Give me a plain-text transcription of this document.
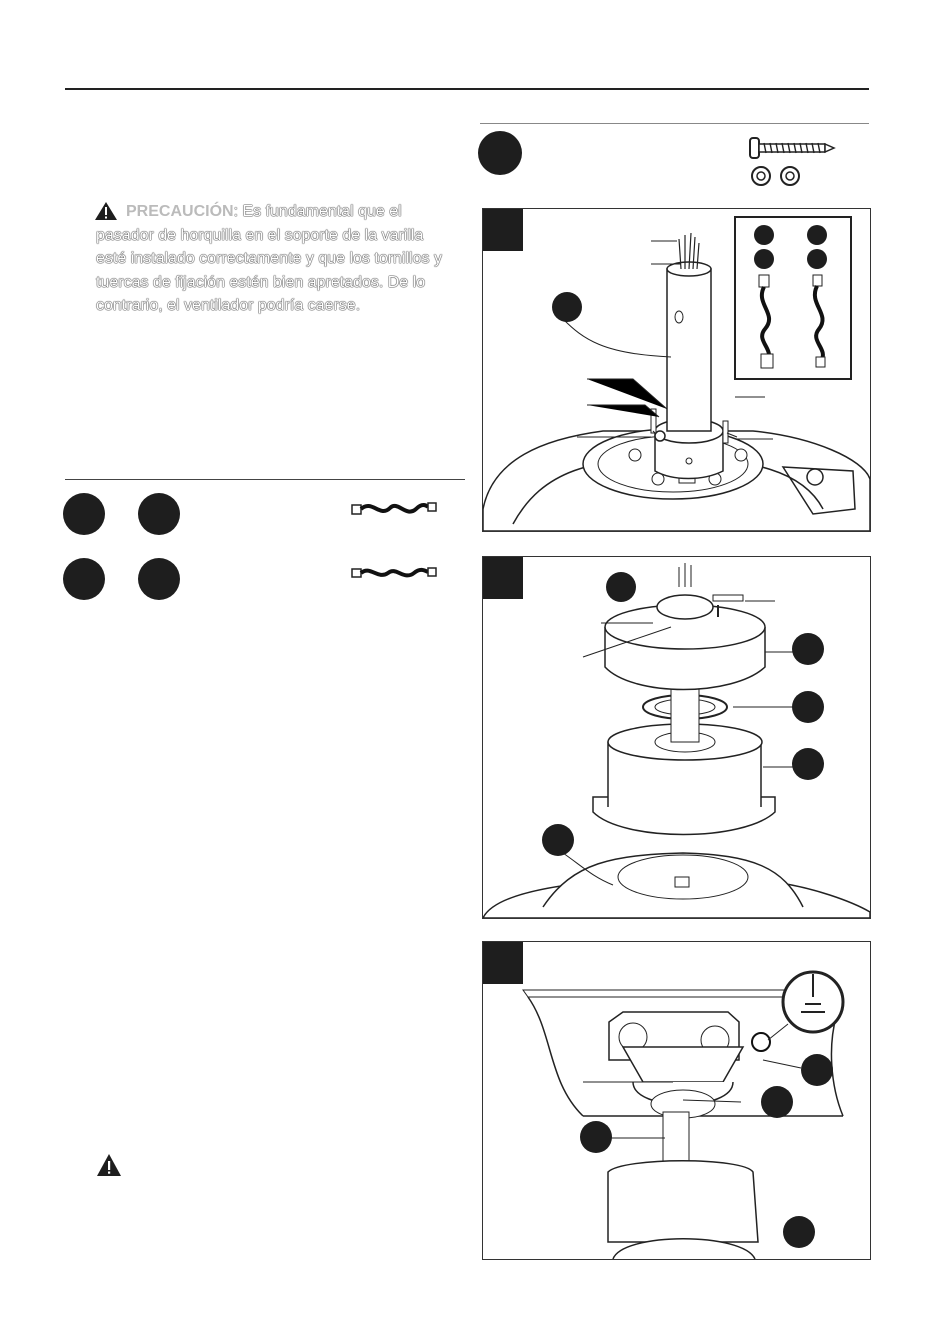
PRECAUCIÓN: Es fundamental que el pasador de horquilla en el soporte de la varilla esté instalado correctamente y que los tornillos y tuercas de fijación estén bien apretados. De lo contrario, el ventilador podría caerse.
